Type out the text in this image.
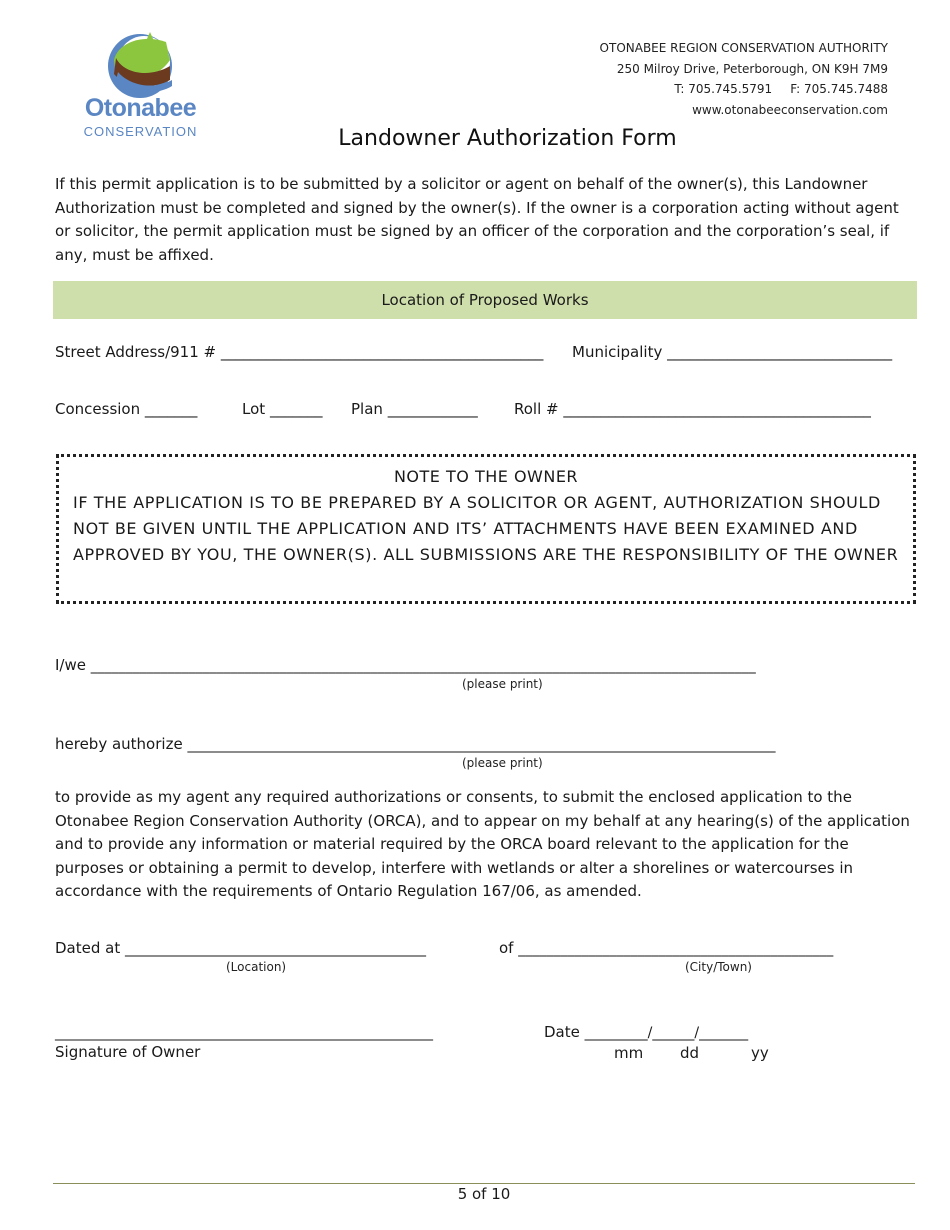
Otonabee
CONSERVATION
OTONABEE REGION CONSERVATION AUTHORITY
250 Milroy Drive, Peterborough, ON K9H 7M9
T: 705.745.5791 F: 705.745.7488
www.otonabeeconservation.com
Landowner Authorization Form
If this permit application is to be submitted by a solicitor or agent on behalf of the owner(s), this Landowner Authorization must be completed and signed by the owner(s). If the owner is a corporation acting without agent or solicitor, the permit application must be signed by an officer of the corporation and the corporation’s seal, if any, must be affixed.
Location of Proposed Works
Street Address/911 # ___________________________________________ Municipality ______________________________
Concession _______	Lot _______ Plan ____________ Roll # _________________________________________
NOTE TO THE OWNER
IF THE APPLICATION IS TO BE PREPARED BY A SOLICITOR OR AGENT, AUTHORIZATION SHOULD NOT BE GIVEN UNTIL THE APPLICATION AND ITS’ ATTACHMENTS HAVE BEEN EXAMINED AND APPROVED BY YOU, THE OWNER(S). ALL SUBMISSIONS ARE THE RESPONSIBILITY OF THE OWNER
I/we _______________________________________________________________________________________________
(please print)
hereby authorize ____________________________________________________________________________________
(please print)
to provide as my agent any required authorizations or consents, to submit the enclosed application to the Otonabee Region Conservation Authority (ORCA), and to appear on my behalf at any hearing(s) of the application and to provide any information or material required by the ORCA board relevant to the application for the purposes or obtaining a permit to develop, interfere with wetlands or alter a shorelines or watercourses in accordance with the requirements of Ontario Regulation 167/06, as amended.
Dated at ___________________________________________	of _____________________________________________
(Location)	(City/Town)
______________________________________________________
Signature of Owner
Date _________/______/_______
mm dd	yy
5 of 10
